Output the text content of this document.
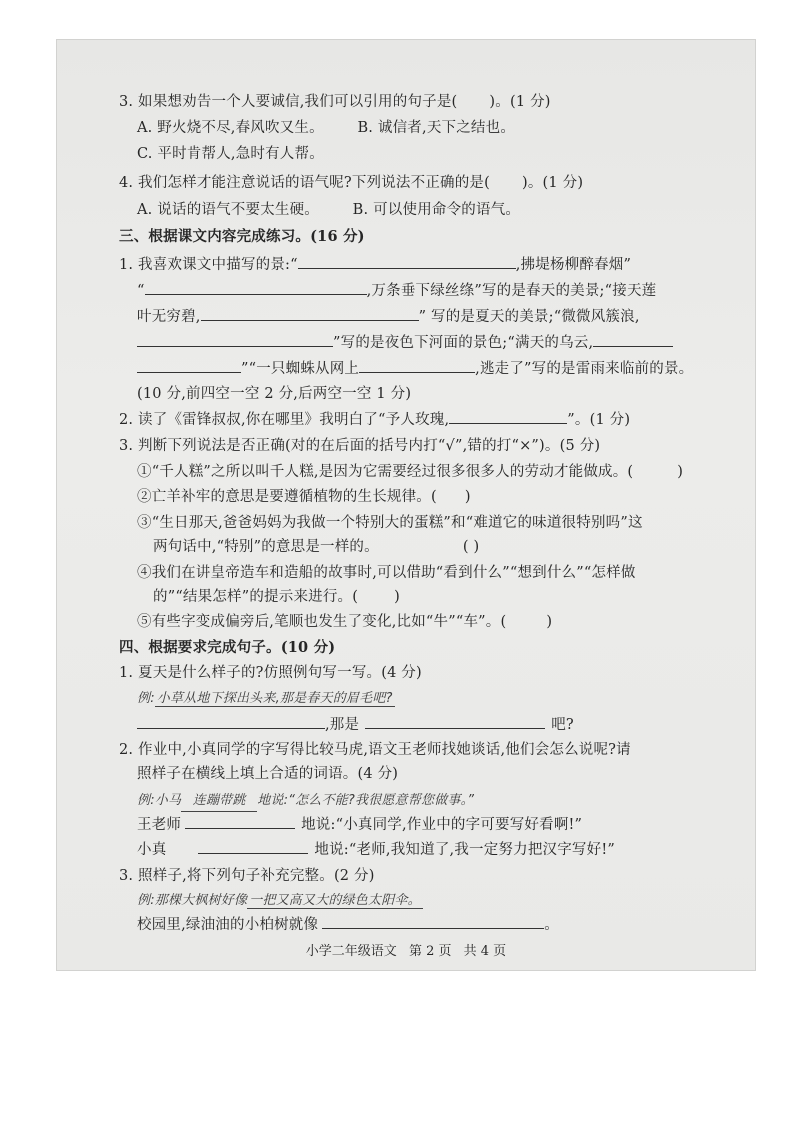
3. 如果想劝告一个人要诚信,我们可以引用的句子是( )。(1 分)
A. 野火烧不尽,春风吹又生。 B. 诚信者,天下之结也。
C. 平时肯帮人,急时有人帮。
4. 我们怎样才能注意说话的语气呢?下列说法不正确的是( )。(1 分)
A. 说话的语气不要太生硬。 B. 可以使用命令的语气。
三、根据课文内容完成练习。(16 分)
1. 我喜欢课文中描写的景:“	,拂堤杨柳醉春烟”
“	,万条垂下绿丝绦”写的是春天的美景;“接天莲
叶无穷碧,	” 写的是夏天的美景;“微微风簇浪,
”写的是夜色下河面的景色;“满天的乌云,
”“一只蜘蛛从网上	,逃走了”写的是雷雨来临前的景。
(10 分,前四空一空 2 分,后两空一空 1 分)
2. 读了《雷锋叔叔,你在哪里》我明白了“予人玫瑰,	”。(1 分)
3. 判断下列说法是否正确(对的在后面的括号内打“√”,错的打“×”)。(5 分)
①“千人糕”之所以叫千人糕,是因为它需要经过很多很多人的劳动才能做成。(	)
②亡羊补牢的意思是要遵循植物的生长规律。( )
③“生日那天,爸爸妈妈为我做一个特别大的蛋糕”和“难道它的味道很特别吗”这
两句话中,“特别”的意思是一样的。	( )
④我们在讲皇帝造车和造船的故事时,可以借助“看到什么”“想到什么”“怎样做
的”“结果怎样”的提示来进行。( )
⑤有些字变成偏旁后,笔顺也发生了变化,比如“牛”“车”。(	)
四、根据要求完成句子。(10 分)
1. 夏天是什么样子的?仿照例句写一写。(4 分)
例: 小草从地下探出头来,那是春天的眉毛吧?
,那是	吧?
2. 作业中,小真同学的字写得比较马虎,语文王老师找她谈话,他们会怎么说呢?请
照样子在横线上填上合适的词语。(4 分)
例:小马 连蹦带跳 地说:“怎么不能?我很愿意帮您做事。”
王老师	地说:“小真同学,作业中的字可要写好看啊!”
小真	地说:“老师,我知道了,我一定努力把汉字写好!”
3. 照样子,将下列句子补充完整。(2 分)
例:那棵大枫树好像 一把又高又大的绿色太阳伞。
校园里,绿油油的小柏树就像	。
小学二年级语文 第 2 页 共 4 页
